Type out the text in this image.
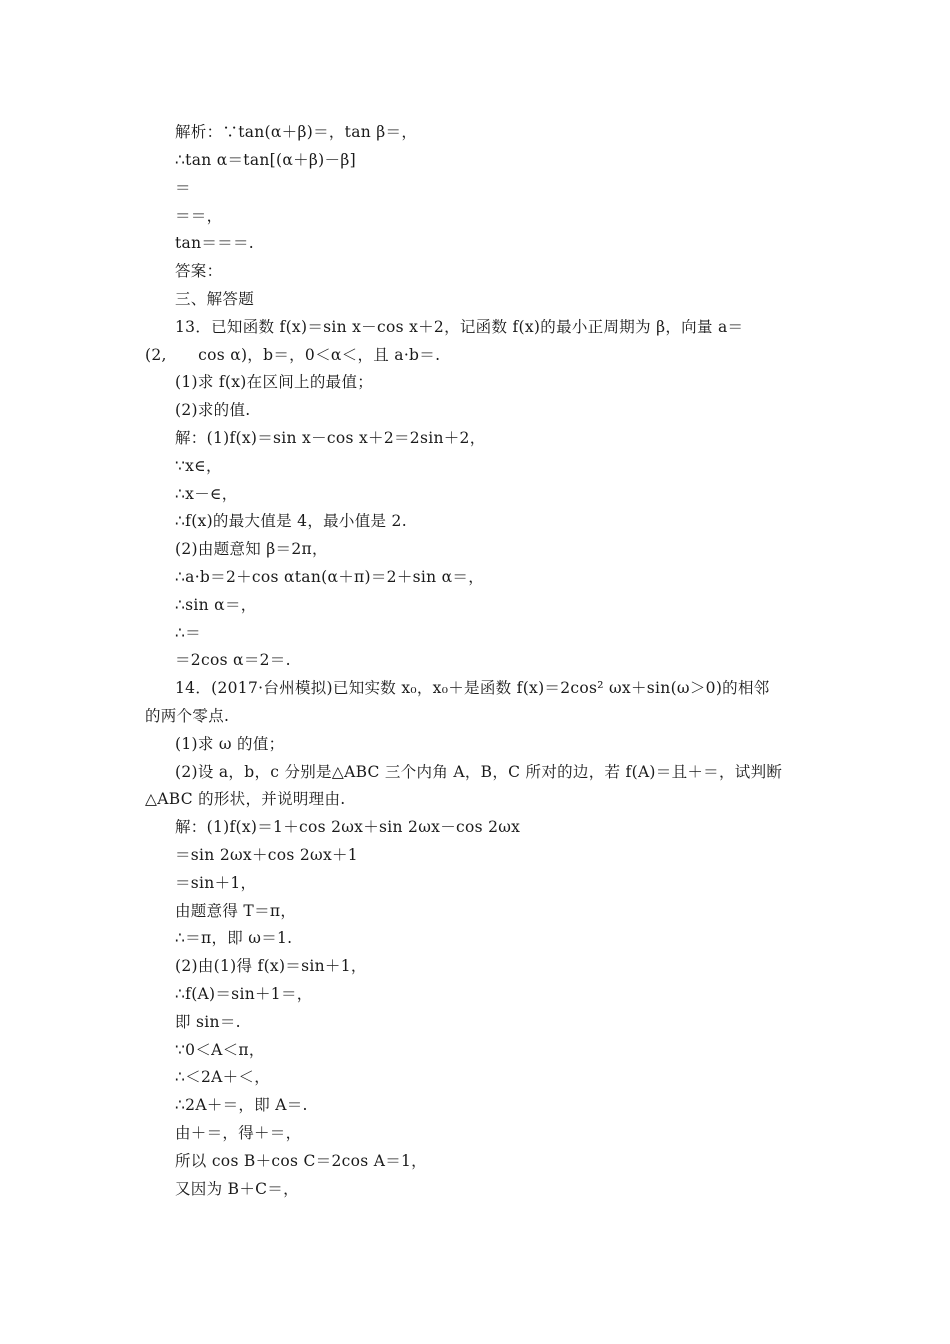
解析：∵tan(α＋β)＝，tan β＝，
∴tan α＝tan[(α＋β)－β]
＝
＝＝，
tan＝＝＝.
答案：
三、解答题
13．已知函数 f(x)＝sin x－cos x＋2，记函数 f(x)的最小正周期为 β，向量 a＝
(2,      cos α)，b＝，0＜α＜，且 a·b＝.
(1)求 f(x)在区间上的最值；
(2)求的值.
解：(1)f(x)＝sin x－cos x＋2＝2sin＋2，
∵x∈，
∴x－∈，
∴f(x)的最大值是 4，最小值是 2.
(2)由题意知 β＝2π，
∴a·b＝2＋cos αtan(α＋π)＝2＋sin α＝，
∴sin α＝，
∴＝
＝2cos α＝2＝.
14．(2017·台州模拟)已知实数 x₀，x₀＋是函数 f(x)＝2cos² ωx＋sin(ω＞0)的相邻
的两个零点.
(1)求 ω 的值；
(2)设 a，b，c 分别是△ABC 三个内角 A，B，C 所对的边，若 f(A)＝且＋＝，试判断
△ABC 的形状，并说明理由.
解：(1)f(x)＝1＋cos 2ωx＋sin 2ωx－cos 2ωx
＝sin 2ωx＋cos 2ωx＋1
＝sin＋1，
由题意得 T＝π，
∴＝π，即 ω＝1.
(2)由(1)得 f(x)＝sin＋1，
∴f(A)＝sin＋1＝，
即 sin＝.
∵0＜A＜π，
∴＜2A＋＜，
∴2A＋＝，即 A＝.
由＋＝，得＋＝，
所以 cos B＋cos C＝2cos A＝1，
又因为 B＋C＝，
